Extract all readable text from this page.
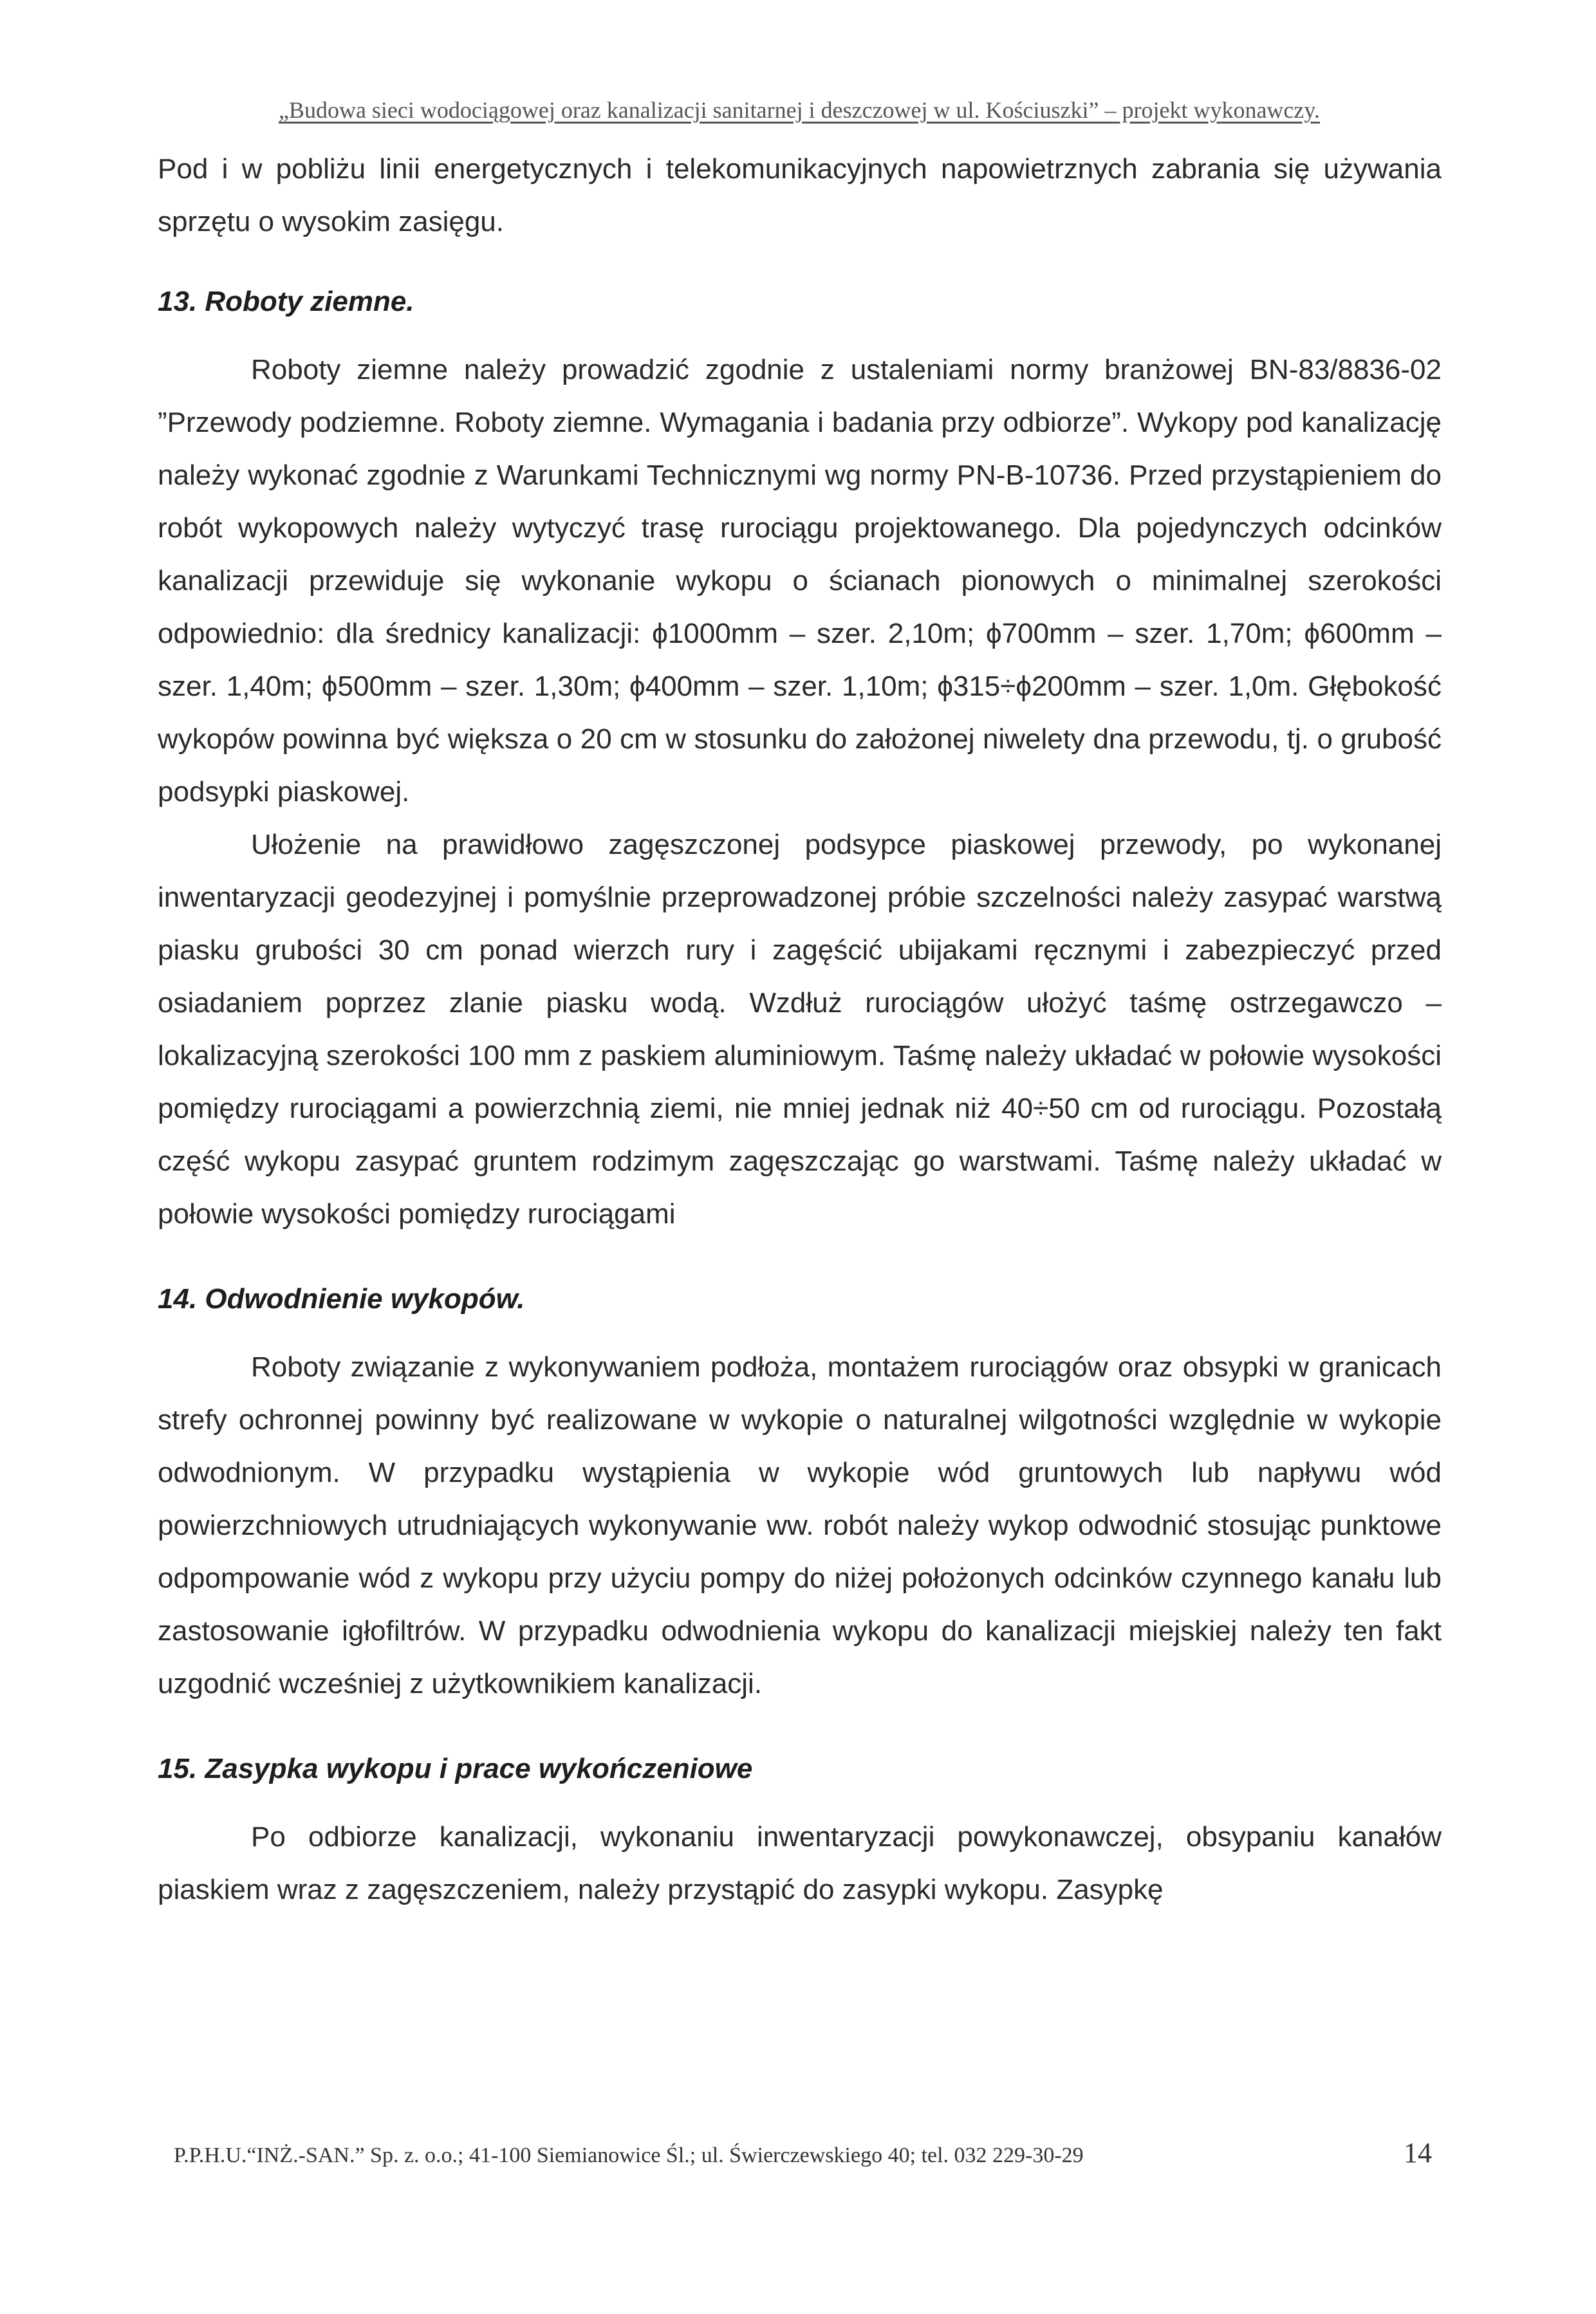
„Budowa sieci wodociągowej oraz kanalizacji sanitarnej i deszczowej w ul. Kościuszki” – projekt wykonawczy.

Pod i w pobliżu linii energetycznych i telekomunikacyjnych napowietrznych zabrania się używania sprzętu o wysokim zasięgu.

13. Roboty ziemne.

Roboty ziemne należy prowadzić zgodnie z ustaleniami normy branżowej BN-83/8836-02 ”Przewody podziemne. Roboty ziemne. Wymagania i badania przy odbiorze”. Wykopy pod kanalizację należy wykonać zgodnie z Warunkami Technicznymi wg normy PN-B-10736. Przed przystąpieniem do robót wykopowych należy wytyczyć trasę rurociągu projektowanego. Dla pojedynczych odcinków kanalizacji przewiduje się wykonanie wykopu o ścianach pionowych o minimalnej szerokości odpowiednio: dla średnicy kanalizacji: ϕ1000mm – szer. 2,10m; ϕ700mm – szer. 1,70m; ϕ600mm – szer. 1,40m; ϕ500mm – szer. 1,30m; ϕ400mm – szer. 1,10m; ϕ315÷ϕ200mm – szer. 1,0m. Głębokość wykopów powinna być większa o 20 cm w stosunku do założonej niwelety dna przewodu, tj. o grubość podsypki piaskowej.

Ułożenie na prawidłowo zagęszczonej podsypce piaskowej przewody, po wykonanej inwentaryzacji geodezyjnej i pomyślnie przeprowadzonej próbie szczelności należy zasypać warstwą piasku grubości 30 cm ponad wierzch rury i zagęścić ubijakami ręcznymi i zabezpieczyć przed osiadaniem poprzez zlanie piasku wodą. Wzdłuż rurociągów ułożyć taśmę ostrzegawczo – lokalizacyjną szerokości 100 mm z paskiem aluminiowym. Taśmę należy układać w połowie wysokości pomiędzy rurociągami a powierzchnią ziemi, nie mniej jednak niż 40÷50 cm od rurociągu. Pozostałą część wykopu zasypać gruntem rodzimym zagęszczając go warstwami. Taśmę należy układać w połowie wysokości pomiędzy rurociągami

14. Odwodnienie wykopów.

Roboty związanie z wykonywaniem podłoża, montażem rurociągów oraz obsypki w granicach strefy ochronnej powinny być realizowane w wykopie o naturalnej wilgotności względnie w wykopie odwodnionym. W przypadku wystąpienia w wykopie wód gruntowych lub napływu wód powierzchniowych utrudniających wykonywanie ww. robót należy wykop odwodnić stosując punktowe odpompowanie wód z wykopu przy użyciu pompy do niżej położonych odcinków czynnego kanału lub zastosowanie igłofiltrów. W przypadku odwodnienia wykopu do kanalizacji miejskiej należy ten fakt uzgodnić wcześniej z użytkownikiem kanalizacji.

15. Zasypka wykopu i prace wykończeniowe

Po odbiorze kanalizacji, wykonaniu inwentaryzacji powykonawczej, obsypaniu kanałów piaskiem wraz z zagęszczeniem, należy przystąpić do zasypki wykopu. Zasypkę

P.P.H.U.“INŻ.-SAN.” Sp. z. o.o.; 41-100 Siemianowice Śl.; ul. Świerczewskiego 40; tel. 032 229-30-29	14
